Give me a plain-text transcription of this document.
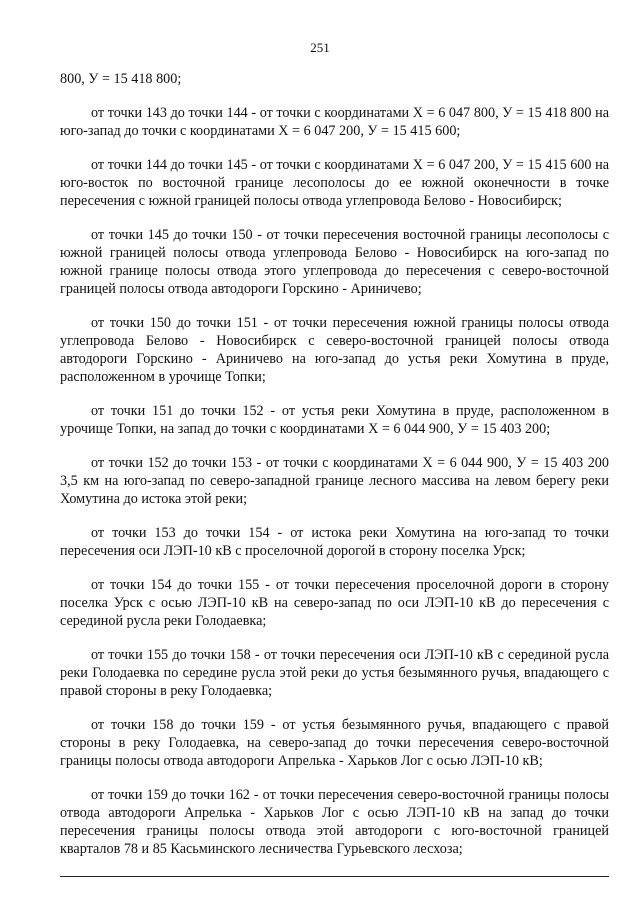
251

800, У = 15 418 800;

от точки 143 до точки 144 - от точки с координатами Х = 6 047 800, У = 15 418 800 на юго-запад до точки с координатами Х = 6 047 200, У = 15 415 600;

от точки 144 до точки 145 - от точки с координатами Х = 6 047 200, У = 15 415 600 на юго-восток по восточной границе лесополосы до ее южной оконечности в точке пересечения с южной границей полосы отвода углепровода Белово - Новосибирск;

от точки 145 до точки 150 - от точки пересечения восточной границы лесополосы с южной границей полосы отвода углепровода Белово - Новосибирск на юго-запад по южной границе полосы отвода этого углепровода до пересечения с северо-восточной границей полосы отвода автодороги Горскино - Ариничево;

от точки 150 до точки 151 - от точки пересечения южной границы полосы отвода углепровода Белово - Новосибирск с северо-восточной границей полосы отвода автодороги Горскино - Ариничево на юго-запад до устья реки Хомутина в пруде, расположенном в урочище Топки;

от точки 151 до точки 152 - от устья реки Хомутина в пруде, расположенном в урочище Топки, на запад до точки с координатами Х = 6 044 900, У = 15 403 200;

от точки 152 до точки 153 - от точки с координатами Х = 6 044 900, У = 15 403 200 3,5 км на юго-запад по северо-западной границе лесного массива на левом берегу реки Хомутина до истока этой реки;

от точки 153 до точки 154 - от истока реки Хомутина на юго-запад то точки пересечения оси ЛЭП-10 кВ с проселочной дорогой в сторону поселка Урск;

от точки 154 до точки 155 - от точки пересечения проселочной дороги в сторону поселка Урск с осью ЛЭП-10 кВ на северо-запад по оси ЛЭП-10 кВ до пересечения с серединой русла реки Голодаевка;

от точки 155 до точки 158 - от точки пересечения оси ЛЭП-10 кВ с серединой русла реки Голодаевка по середине русла этой реки до устья безымянного ручья, впадающего с правой стороны в реку Голодаевка;

от точки 158 до точки 159 - от устья безымянного ручья, впадающего с правой стороны в реку Голодаевка, на северо-запад до точки пересечения северо-восточной границы полосы отвода автодороги Апрелька - Харьков Лог с осью ЛЭП-10 кВ;

от точки 159 до точки 162 - от точки пересечения северо-восточной границы полосы отвода автодороги Апрелька - Харьков Лог с осью ЛЭП-10 кВ на запад до точки пересечения границы полосы отвода этой автодороги с юго-восточной границей кварталов 78 и 85 Касьминского лесничества Гурьевского лесхоза;
